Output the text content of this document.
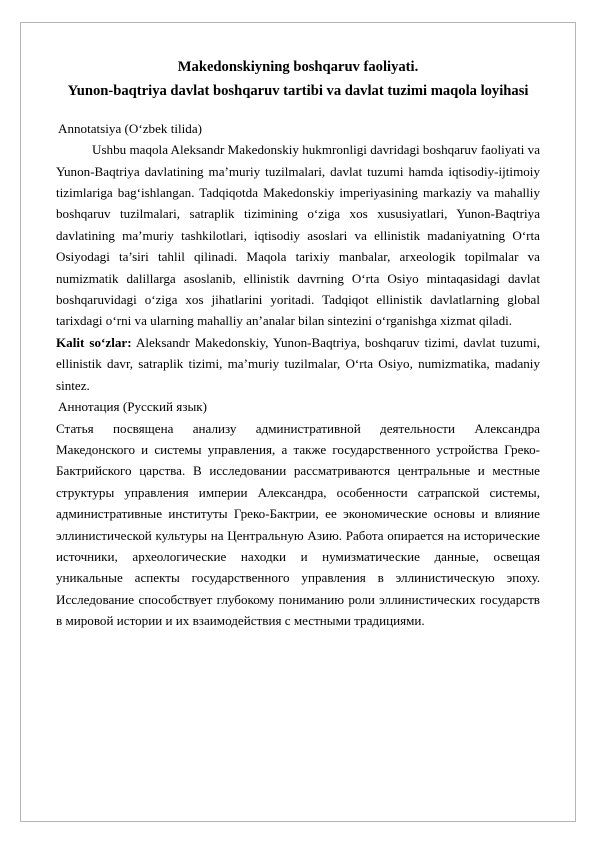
Makedonskiyning boshqaruv faoliyati.
Yunon-baqtriya davlat boshqaruv tartibi va davlat tuzimi maqola loyihasi
Annotatsiya (O‘zbek tilida)

Ushbu maqola Aleksandr Makedonskiy hukmronligi davridagi boshqaruv faoliyati va Yunon-Baqtriya davlatining ma’muriy tuzilmalari, davlat tuzumi hamda iqtisodiy-ijtimoiy tizimlariga bag‘ishlangan. Tadqiqotda Makedonskiy imperiyasining markaziy va mahalliy boshqaruv tuzilmalari, satraplik tizimining o‘ziga xos xususiyatlari, Yunon-Baqtriya davlatining ma’muriy tashkilotlari, iqtisodiy asoslari va ellinistik madaniyatning O‘rta Osiyodagi ta’siri tahlil qilinadi. Maqola tarixiy manbalar, arxeologik topilmalar va numizmatik dalillarga asoslanib, ellinistik davrning O‘rta Osiyo mintaqasidagi davlat boshqaruvidagi o‘ziga xos jihatlarini yoritadi. Tadqiqot ellinistik davlatlarning global tarixdagi o‘rni va ularning mahalliy an’analar bilan sintezini o‘rganishga xizmat qiladi.

Kalit so‘zlar: Aleksandr Makedonskiy, Yunon-Baqtriya, boshqaruv tizimi, davlat tuzumi, ellinistik davr, satraplik tizimi, ma’muriy tuzilmalar, O‘rta Osiyo, numizmatika, madaniy sintez.

Аннотация (Русский язык)

Статья посвящена анализу административной деятельности Александра Македонского и системы управления, а также государственного устройства Греко-Бактрийского царства. В исследовании рассматриваются центральные и местные структуры управления империи Александра, особенности сатрапской системы, административные институты Греко-Бактрии, ее экономические основы и влияние эллинистической культуры на Центральную Азию. Работа опирается на исторические источники, археологические находки и нумизматические данные, освещая уникальные аспекты государственного управления в эллинистическую эпоху. Исследование способствует глубокому пониманию роли эллинистических государств в мировой истории и их взаимодействия с местными традициями.
